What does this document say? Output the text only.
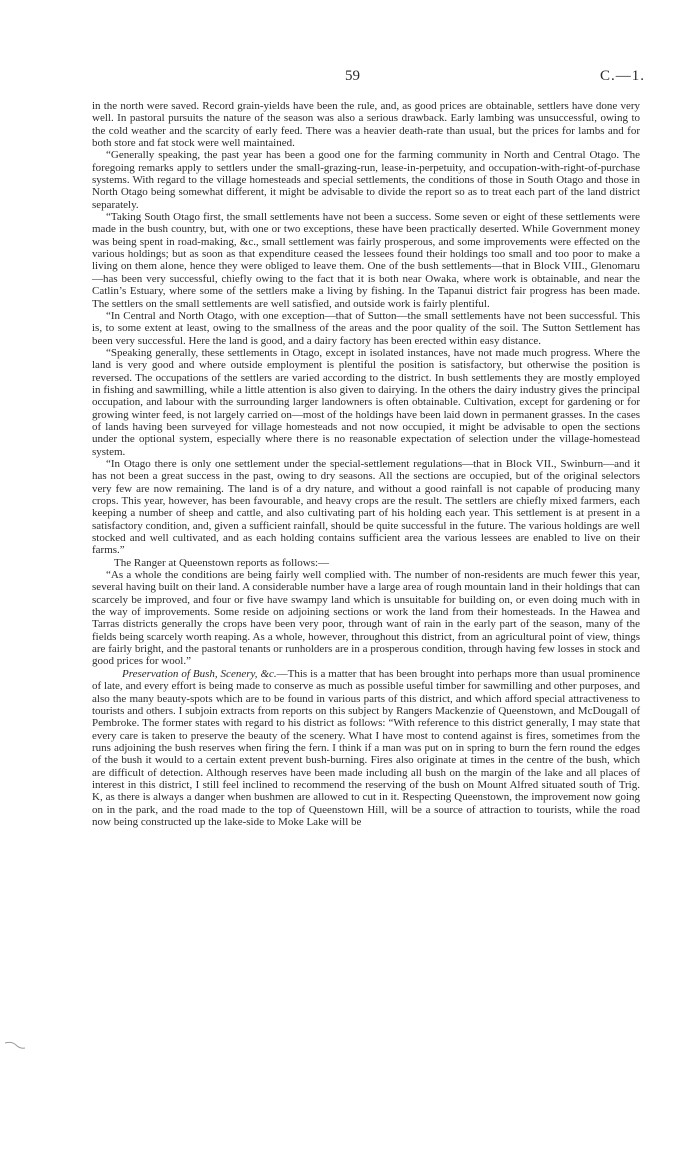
59	C.—1.

in the north were saved. Record grain-yields have been the rule, and, as good prices are obtainable, settlers have done very well. In pastoral pursuits the nature of the season was also a serious drawback. Early lambing was unsuccessful, owing to the cold weather and the scarcity of early feed. There was a heavier death-rate than usual, but the prices for lambs and for both store and fat stock were well maintained.

“Generally speaking, the past year has been a good one for the farming community in North and Central Otago. The foregoing remarks apply to settlers under the small-grazing-run, lease-in-perpetuity, and occupation-with-right-of-purchase systems. With regard to the village homesteads and special settlements, the conditions of those in South Otago and those in North Otago being somewhat different, it might be advisable to divide the report so as to treat each part of the land district separately.

“Taking South Otago first, the small settlements have not been a success. Some seven or eight of these settlements were made in the bush country, but, with one or two exceptions, these have been practically deserted. While Government money was being spent in road-making, &c., small settlement was fairly prosperous, and some improvements were effected on the various holdings; but as soon as that expenditure ceased the lessees found their holdings too small and too poor to make a living on them alone, hence they were obliged to leave them. One of the bush settlements—that in Block VIII., Glenomaru—has been very successful, chiefly owing to the fact that it is both near Owaka, where work is obtainable, and near the Catlin’s Estuary, where some of the settlers make a living by fishing. In the Tapanui district fair progress has been made. The settlers on the small settlements are well satisfied, and outside work is fairly plentiful.

“In Central and North Otago, with one exception—that of Sutton—the small settlements have not been successful. This is, to some extent at least, owing to the smallness of the areas and the poor quality of the soil. The Sutton Settlement has been very successful. Here the land is good, and a dairy factory has been erected within easy distance.

“Speaking generally, these settlements in Otago, except in isolated instances, have not made much progress. Where the land is very good and where outside employment is plentiful the position is satisfactory, but otherwise the position is reversed. The occupations of the settlers are varied according to the district. In bush settlements they are mostly employed in fishing and sawmilling, while a little attention is also given to dairying. In the others the dairy industry gives the principal occupation, and labour with the surrounding larger landowners is often obtainable. Cultivation, except for gardening or for growing winter feed, is not largely carried on—most of the holdings have been laid down in permanent grasses. In the cases of lands having been surveyed for village homesteads and not now occupied, it might be advisable to open the sections under the optional system, especially where there is no reasonable expectation of selection under the village-homestead system.

“In Otago there is only one settlement under the special-settlement regulations—that in Block VII., Swinburn—and it has not been a great success in the past, owing to dry seasons. All the sections are occupied, but of the original selectors very few are now remaining. The land is of a dry nature, and without a good rainfall is not capable of producing many crops. This year, however, has been favourable, and heavy crops are the result. The settlers are chiefly mixed farmers, each keeping a number of sheep and cattle, and also cultivating part of his holding each year. This settlement is at present in a satisfactory condition, and, given a sufficient rainfall, should be quite successful in the future. The various holdings are well stocked and well cultivated, and as each holding contains sufficient area the various lessees are enabled to live on their farms.”

The Ranger at Queenstown reports as follows:—

“As a whole the conditions are being fairly well complied with. The number of non-residents are much fewer this year, several having built on their land. A considerable number have a large area of rough mountain land in their holdings that can scarcely be improved, and four or five have swampy land which is unsuitable for building on, or even doing much with in the way of improvements. Some reside on adjoining sections or work the land from their homesteads. In the Hawea and Tarras districts generally the crops have been very poor, through want of rain in the early part of the season, many of the fields being scarcely worth reaping. As a whole, however, throughout this district, from an agricultural point of view, things are fairly bright, and the pastoral tenants or runholders are in a prosperous condition, through having few losses in stock and good prices for wool.”

Preservation of Bush, Scenery, &c.—This is a matter that has been brought into perhaps more than usual prominence of late, and every effort is being made to conserve as much as possible useful timber for sawmilling and other purposes, and also the many beauty-spots which are to be found in various parts of this district, and which afford special attractiveness to tourists and others. I subjoin extracts from reports on this subject by Rangers Mackenzie of Queenstown, and McDougall of Pembroke. The former states with regard to his district as follows: “With reference to this district generally, I may state that every care is taken to preserve the beauty of the scenery. What I have most to contend against is fires, sometimes from the runs adjoining the bush reserves when firing the fern. I think if a man was put on in spring to burn the fern round the edges of the bush it would to a certain extent prevent bush-burning. Fires also originate at times in the centre of the bush, which are difficult of detection. Although reserves have been made including all bush on the margin of the lake and all places of interest in this district, I still feel inclined to recommend the reserving of the bush on Mount Alfred situated south of Trig. K, as there is always a danger when bushmen are allowed to cut in it. Respecting Queenstown, the improvement now going on in the park, and the road made to the top of Queenstown Hill, will be a source of attraction to tourists, while the road now being constructed up the lake-side to Moke Lake will be
